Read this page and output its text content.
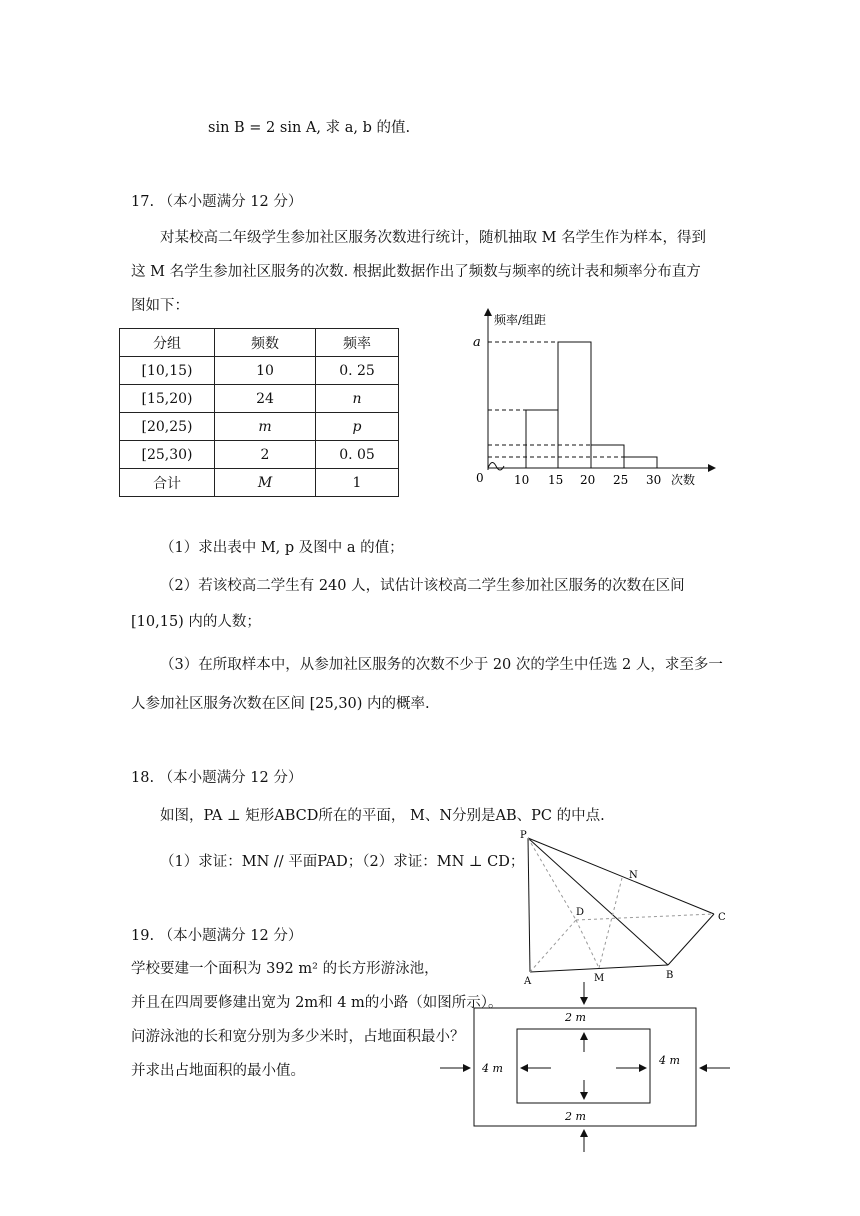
sin B = 2 sin A, 求 a, b 的值.
17. （本小题满分 12 分）
对某校高二年级学生参加社区服务次数进行统计，随机抽取 M 名学生作为样本，得到
这 M 名学生参加社区服务的次数. 根据此数据作出了频数与频率的统计表和频率分布直方
图如下：
分组	频数	频率
[10,15)	10	0. 25
[15,20)	24	n
[20,25)	m	p
[25,30)	2	0. 05
合计	M	1
频率/组距
a
0	次数
10 15 20 25 30
（1）求出表中 M, p 及图中 a 的值；
（2）若该校高二学生有 240 人，试估计该校高二学生参加社区服务的次数在区间
[10,15) 内的人数；
（3）在所取样本中，从参加社区服务的次数不少于 20 次的学生中任选 2 人，求至多一
人参加社区服务次数在区间 [25,30) 内的概率.
18. （本小题满分 12 分）
如图，PA ⊥ 矩形ABCD所在的平面， M、N分别是AB、PC 的中点.
（1）求证：MN // 平面PAD；（2）求证：MN ⊥ CD；
P
N
D	C
A	M	B
19. （本小题满分 12 分）
学校要建一个面积为 392 m² 的长方形游泳池，
并且在四周要修建出宽为 2m和 4 m的小路（如图所示）。
问游泳池的长和宽分别为多少米时，占地面积最小？
并求出占地面积的最小值。
2 m
2 m
4 m
4 m
